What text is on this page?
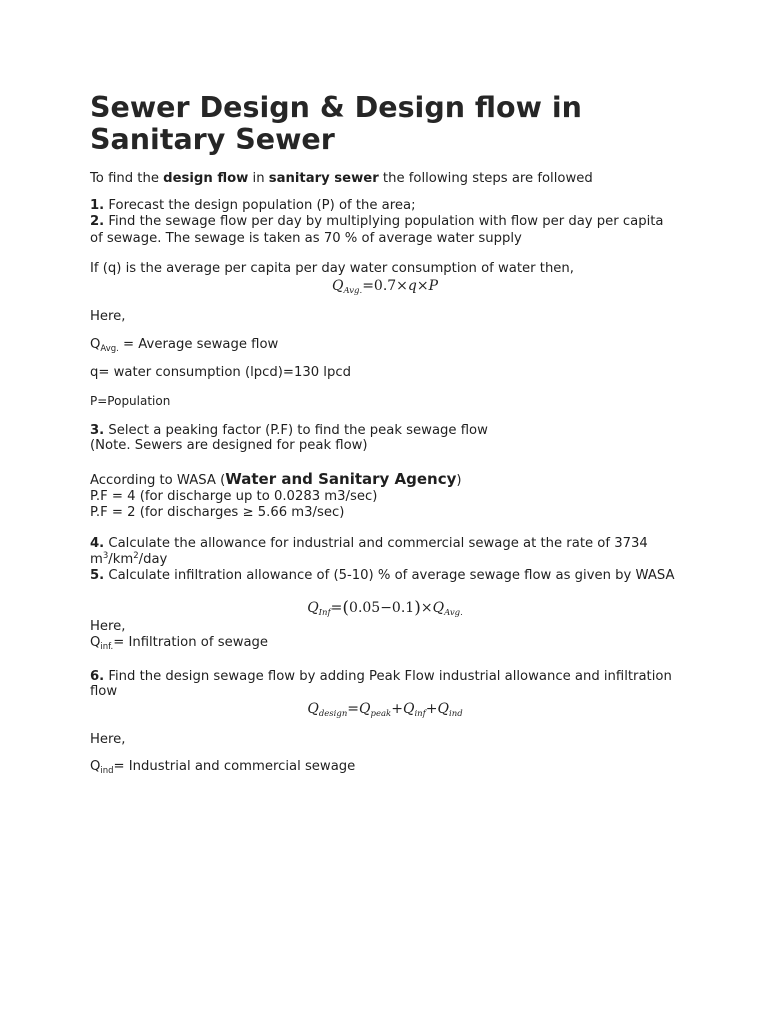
Sewer Design & Design flow in Sanitary Sewer
To find the design flow in sanitary sewer the following steps are followed
1. Forecast the design population (P) of the area;
2. Find the sewage flow per day by multiplying population with flow per day per capita
of sewage. The sewage is taken as 70 % of average water supply
If (q) is the average per capita per day water consumption of water then,
$Q_{Avg.}=0.7\times q\times P$
Here,
$Q_{Avg.}$ = Average sewage flow
q= water consumption (lpcd)=130 lpcd
P=Population
3. Select a peaking factor (P.F) to find the peak sewage flow
(Note. Sewers are designed for peak flow)
According to WASA (Water and Sanitary Agency)
P.F = 4 (for discharge up to 0.0283 m3/sec)
P.F = 2 (for discharges ≥ 5.66 m3/sec)
4. Calculate the allowance for industrial and commercial sewage at the rate of 3734
$m^3/km^2$/day
5. Calculate infiltration allowance of (5-10) % of average sewage flow as given by WASA
$Q_{Inf}=(0.05-0.1)\times Q_{Avg.}$
Here,
$Q_{inf.}=$ Infiltration of sewage
6. Find the design sewage flow by adding Peak Flow industrial allowance and infiltration
flow
$Q_{design}=Q_{peak}+Q_{inf}+Q_{ind}$
Here,
$Q_{ind}=$ Industrial and commercial sewage
